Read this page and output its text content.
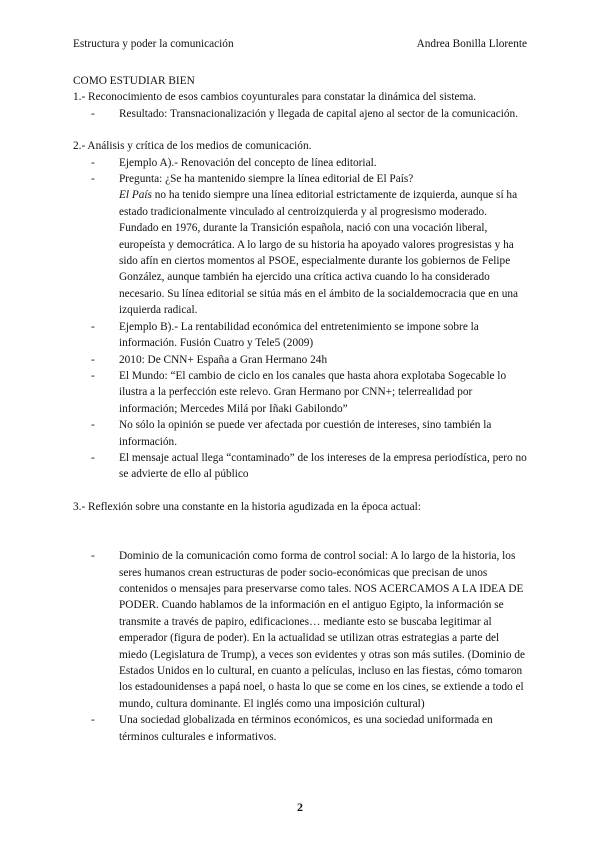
Estructura y poder la comunicación	Andrea Bonilla Llorente

COMO ESTUDIAR BIEN

1.- Reconocimiento de esos cambios coyunturales para constatar la dinámica del sistema.

- Resultado: Transnacionalización y llegada de capital ajeno al sector de la comunicación.

2.- Análisis y crítica de los medios de comunicación.

- Ejemplo A).- Renovación del concepto de línea editorial.
- Pregunta: ¿Se ha mantenido siempre la línea editorial de El País?
El País no ha tenido siempre una línea editorial estrictamente de izquierda, aunque sí ha estado tradicionalmente vinculado al centroizquierda y al progresismo moderado. Fundado en 1976, durante la Transición española, nació con una vocación liberal, europeísta y democrática. A lo largo de su historia ha apoyado valores progresistas y ha sido afín en ciertos momentos al PSOE, especialmente durante los gobiernos de Felipe González, aunque también ha ejercido una crítica activa cuando lo ha considerado necesario. Su línea editorial se sitúa más en el ámbito de la socialdemocracia que en una izquierda radical.
- Ejemplo B).- La rentabilidad económica del entretenimiento se impone sobre la información. Fusión Cuatro y Tele5 (2009)
- 2010: De CNN+ España a Gran Hermano 24h
- El Mundo: “El cambio de ciclo en los canales que hasta ahora explotaba Sogecable lo ilustra a la perfección este relevo. Gran Hermano por CNN+; telerrealidad por información; Mercedes Milá por Iñaki Gabilondo”
- No sólo la opinión se puede ver afectada por cuestión de intereses, sino también la información.
- El mensaje actual llega “contaminado” de los intereses de la empresa periodística, pero no se advierte de ello al público

3.- Reflexión sobre una constante en la historia agudizada en la época actual:

- Dominio de la comunicación como forma de control social: A lo largo de la historia, los seres humanos crean estructuras de poder socio-económicas que precisan de unos contenidos o mensajes para preservarse como tales. NOS ACERCAMOS A LA IDEA DE PODER. Cuando hablamos de la información en el antiguo Egipto, la información se transmite a través de papiro, edificaciones… mediante esto se buscaba legitimar al emperador (figura de poder). En la actualidad se utilizan otras estrategias a parte del miedo (Legislatura de Trump), a veces son evidentes y otras son más sutiles. (Dominio de Estados Unidos en lo cultural, en cuanto a películas, incluso en las fiestas, cómo tomaron los estadounidenses a papá noel, o hasta lo que se come en los cines, se extiende a todo el mundo, cultura dominante. El inglés como una imposición cultural)
- Una sociedad globalizada en términos económicos, es una sociedad uniformada en términos culturales e informativos.
2
